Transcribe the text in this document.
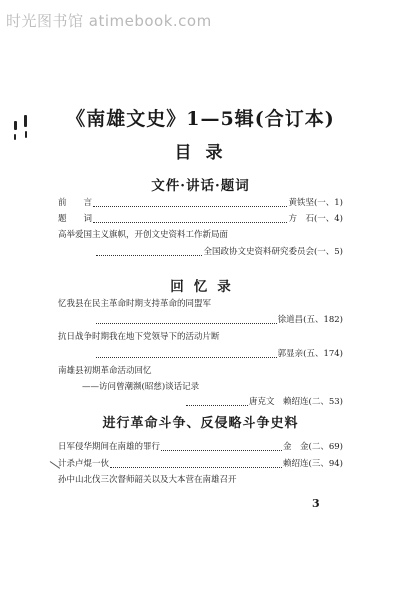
时光图书馆 atimebook.com
《南雄文史》1—5辑(合订本)
目录
文件·讲话·题词
前　　言	黄铁坚(一、1)
题　　词	方　石(一、4)
高举爱国主义旗帜，开创文史资料工作新局面
全国政协文史资料研究委员会(一、5)
回忆录
忆我县在民主革命时期支持革命的同盟军
徐道昌(五、182)
抗日战争时期我在地下党领导下的活动片断
郭显亲(五、174)
南雄县初期革命活动回忆
——访问曾潮濒(昭慈)谈话记录
唐克文　赖绍连(二、53)
进行革命斗争、反侵略斗争史料
日军侵华期间在南雄的罪行	金　金(二、69)
计杀卢焜一伙	赖绍连(三、94)
孙中山北伐三次督师韶关以及大本营在南雄召开
3
